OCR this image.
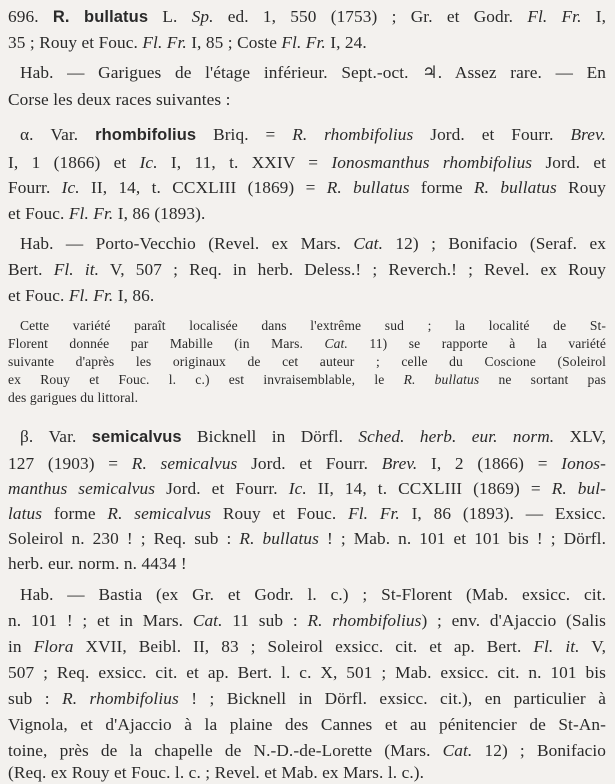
696. R. bullatus L. Sp. ed. 1, 550 (1753) ; Gr. et Godr. Fl. Fr. I,
35 ; Rouy et Fouc. Fl. Fr. I, 85 ; Coste Fl. Fr. I, 24.
Hab. — Garigues de l'étage inférieur. Sept.-oct. ♃. Assez rare. — En
Corse les deux races suivantes :
α. Var. rhombifolius Briq. = R. rhombifolius Jord. et Fourr. Brev.
I, 1 (1866) et Ic. I, 11, t. XXIV = Ionosmanthus rhombifolius Jord. et
Fourr. Ic. II, 14, t. CCXLIII (1869) = R. bullatus forme R. bullatus Rouy
et Fouc. Fl. Fr. I, 86 (1893).
Hab. — Porto-Vecchio (Revel. ex Mars. Cat. 12) ; Bonifacio (Seraf. ex
Bert. Fl. it. V, 507 ; Req. in herb. Deless.! ; Reverch.! ; Revel. ex Rouy
et Fouc. Fl. Fr. I, 86.
Cette variété paraît localisée dans l'extrême sud ; la localité de St-
Florent donnée par Mabille (in Mars. Cat. 11) se rapporte à la variété
suivante d'après les originaux de cet auteur ; celle du Coscione (Soleirol
ex Rouy et Fouc. l. c.) est invraisemblable, le R. bullatus ne sortant pas
des garigues du littoral.
β. Var. semicalvus Bicknell in Dörfl. Sched. herb. eur. norm. XLV,
127 (1903) = R. semicalvus Jord. et Fourr. Brev. I, 2 (1866) = Ionos-
manthus semicalvus Jord. et Fourr. Ic. II, 14, t. CCXLIII (1869) = R. bul-
latus forme R. semicalvus Rouy et Fouc. Fl. Fr. I, 86 (1893). — Exsicc.
Soleirol n. 230 ! ; Req. sub : R. bullatus ! ; Mab. n. 101 et 101 bis ! ; Dörfl.
herb. eur. norm. n. 4434 !
Hab. — Bastia (ex Gr. et Godr. l. c.) ; St-Florent (Mab. exsicc. cit.
n. 101 ! ; et in Mars. Cat. 11 sub : R. rhombifolius) ; env. d'Ajaccio (Salis
in Flora XVII, Beibl. II, 83 ; Soleirol exsicc. cit. et ap. Bert. Fl. it. V,
507 ; Req. exsicc. cit. et ap. Bert. l. c. X, 501 ; Mab. exsicc. cit. n. 101 bis
sub : R. rhombifolius ! ; Bicknell in Dörfl. exsicc. cit.), en particulier à
Vignola, et d'Ajaccio à la plaine des Cannes et au pénitencier de St-An-
toine, près de la chapelle de N.-D.-de-Lorette (Mars. Cat. 12) ; Bonifacio
(Req. ex Rouy et Fouc. l. c. ; Revel. et Mab. ex Mars. l. c.).
